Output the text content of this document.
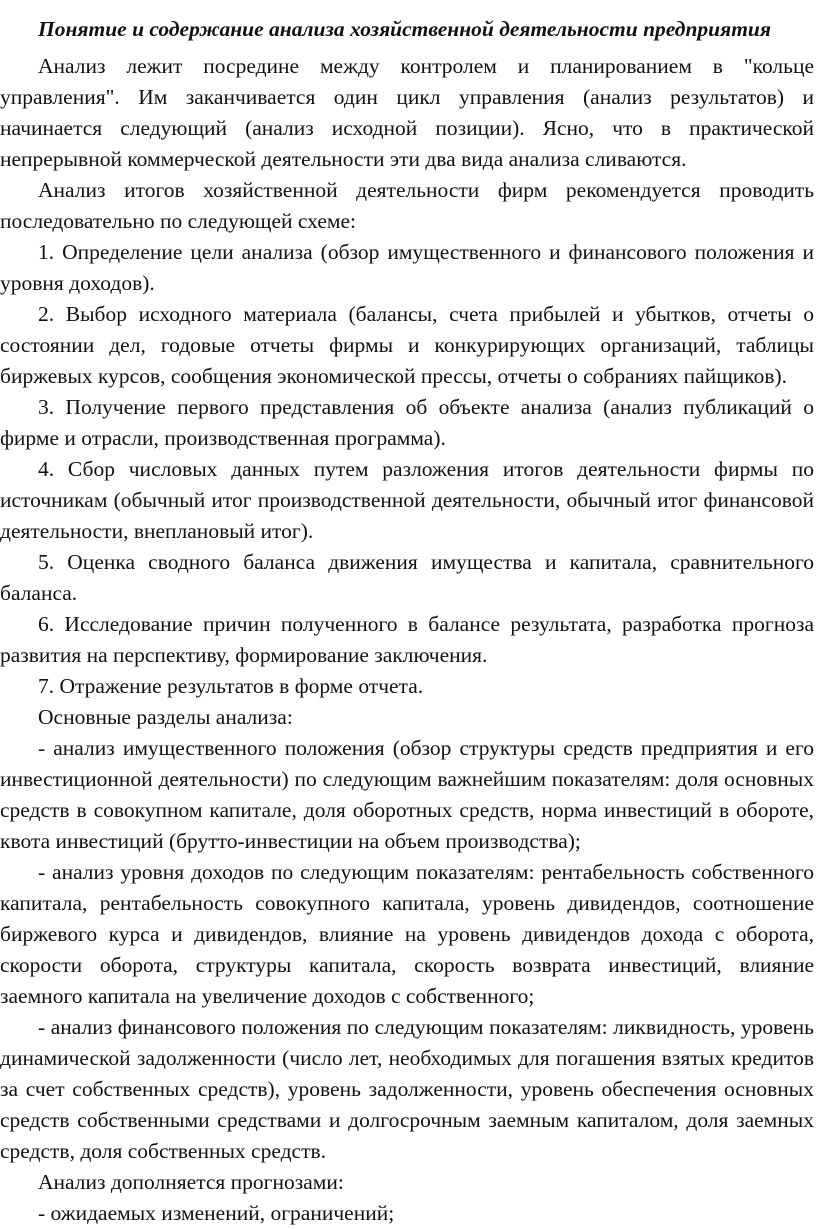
Понятие и содержание анализа хозяйственной деятельности предприятия

Анализ лежит посредине между контролем и планированием в "кольце управления". Им заканчивается один цикл управления (анализ результатов) и начинается следующий (анализ исходной позиции). Ясно, что в практической непрерывной коммерческой деятельности эти два вида анализа сливаются.

Анализ итогов хозяйственной деятельности фирм рекомендуется проводить последовательно по следующей схеме:

1. Определение цели анализа (обзор имущественного и финансового положения и уровня доходов).

2. Выбор исходного материала (балансы, счета прибылей и убытков, отчеты о состоянии дел, годовые отчеты фирмы и конкурирующих организаций, таблицы биржевых курсов, сообщения экономической прессы, отчеты о собраниях пайщиков).

3. Получение первого представления об объекте анализа (анализ публикаций о фирме и отрасли, производственная программа).

4. Сбор числовых данных путем разложения итогов деятельности фирмы по источникам (обычный итог производственной деятельности, обычный итог финансовой деятельности, внеплановый итог).

5. Оценка сводного баланса движения имущества и капитала, сравнительного баланса.

6. Исследование причин полученного в балансе результата, разработка прогноза развития на перспективу, формирование заключения.

7. Отражение результатов в форме отчета.

Основные разделы анализа:

- анализ имущественного положения (обзор структуры средств предприятия и его инвестиционной деятельности) по следующим важнейшим показателям: доля основных средств в совокупном капитале, доля оборотных средств, норма инвестиций в обороте, квота инвестиций (брутто-инвестиции на объем производства);

- анализ уровня доходов по следующим показателям: рентабельность собственного капитала, рентабельность совокупного капитала, уровень дивидендов, соотношение биржевого курса и дивидендов, влияние на уровень дивидендов дохода с оборота, скорости оборота, структуры капитала, скорость возврата инвестиций, влияние заемного капитала на увеличение доходов с собственного;

- анализ финансового положения по следующим показателям: ликвидность, уровень динамической задолженности (число лет, необходимых для погашения взятых кредитов за счет собственных средств), уровень задолженности, уровень обеспечения основных средств собственными средствами и долгосрочным заемным капиталом, доля заемных средств, доля собственных средств.

Анализ дополняется прогнозами:

- ожидаемых изменений, ограничений;
